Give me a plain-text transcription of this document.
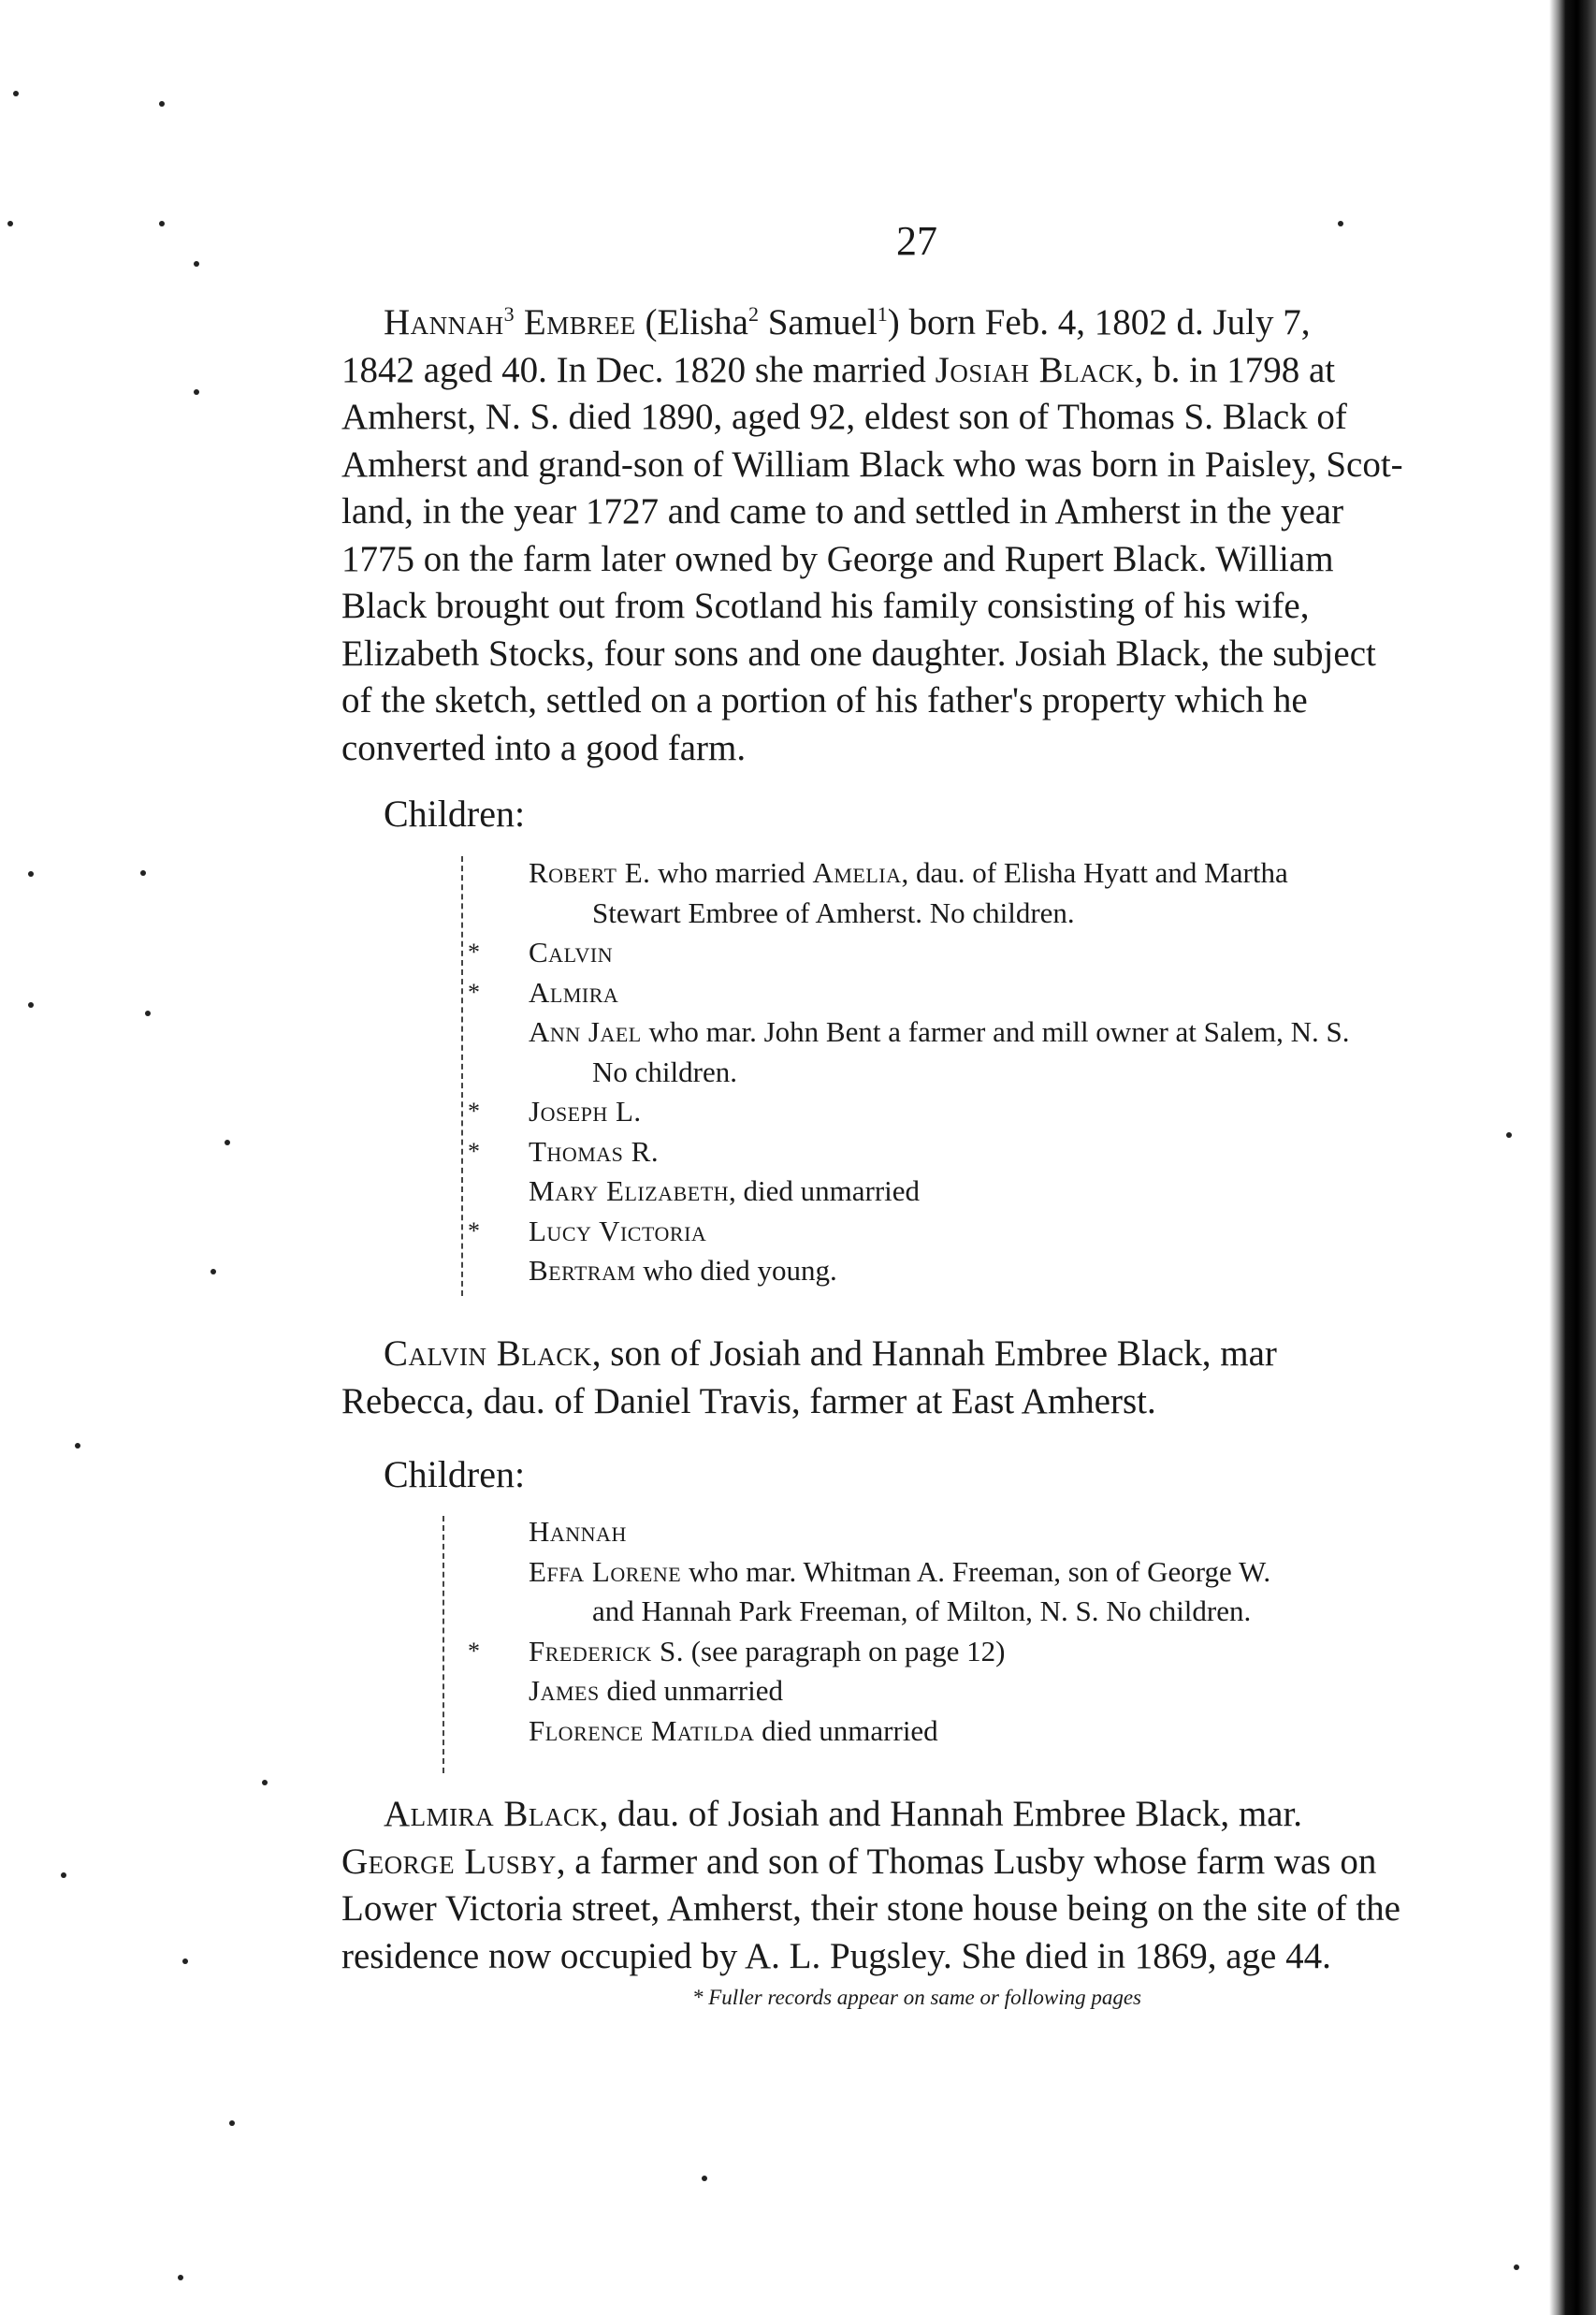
27
Hannah$^3$ Embree (Elisha$^2$ Samuel$^1$) born Feb. 4, 1802 d. July 7,
1842 aged 40. In Dec. 1820 she married Josiah Black, b. in 1798 at
Amherst, N. S. died 1890, aged 92, eldest son of Thomas S. Black of
Amherst and grand-son of William Black who was born in Paisley, Scot-
land, in the year 1727 and came to and settled in Amherst in the year
1775 on the farm later owned by George and Rupert Black. William
Black brought out from Scotland his family consisting of his wife,
Elizabeth Stocks, four sons and one daughter. Josiah Black, the subject
of the sketch, settled on a portion of his father's property which he
converted into a good farm.
Children:
Robert E. who married Amelia, dau. of Elisha Hyatt and Martha
Stewart Embree of Amherst. No children.
* Calvin
* Almira
Ann Jael who mar. John Bent a farmer and mill owner at Salem, N. S.
No children.
* Joseph L.
* Thomas R.
Mary Elizabeth, died unmarried
* Lucy Victoria
Bertram who died young.
Calvin Black, son of Josiah and Hannah Embree Black, mar
Rebecca, dau. of Daniel Travis, farmer at East Amherst.
Children:
Hannah
Effa Lorene who mar. Whitman A. Freeman, son of George W.
and Hannah Park Freeman, of Milton, N. S. No children.
* Frederick S. (see paragraph on page 12)
James died unmarried
Florence Matilda died unmarried
Almira Black, dau. of Josiah and Hannah Embree Black, mar.
George Lusby, a farmer and son of Thomas Lusby whose farm was on
Lower Victoria street, Amherst, their stone house being on the site of the
residence now occupied by A. L. Pugsley. She died in 1869, age 44.
* Fuller records appear on same or following pages
